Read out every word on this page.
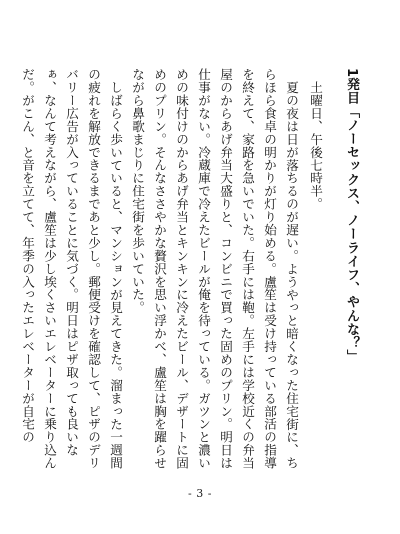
1発目「ノーセックス、ノーライフ、やんな？」
土曜日、午後七時半。
夏の夜は日が落ちるのが遅い。ようやっと暗くなった住宅街に、ちらほら食卓の明かりが灯り始める。盧笙は受け持っている部活の指導を終えて、家路を急いでいた。右手には鞄。左手には学校近くの弁当屋のからあげ弁当大盛りと、コンビニで買った固めのプリン。明日は仕事がない。冷蔵庫で冷えたビールが俺を待っている。ガツンと濃いめの味付けのからあげ弁当とキンキンに冷えたビール、デザートに固めのプリン。そんなささやかな贅沢を思い浮かべ、盧笙は胸を躍らせながら鼻歌まじりに住宅街を歩いていた。
しばらく歩いていると、マンションが見えてきた。溜まった一週間の疲れを解放できるまであと少し。郵便受けを確認して、ピザのデリバリー広告が入っていることに気づく。明日はピザ取っても良いなぁ、なんて考えながら、盧笙は少し埃くさいエレベーターに乗り込んだ。がこん、と音を立てて、年季の入ったエレベーターが自宅の
- 3 -
